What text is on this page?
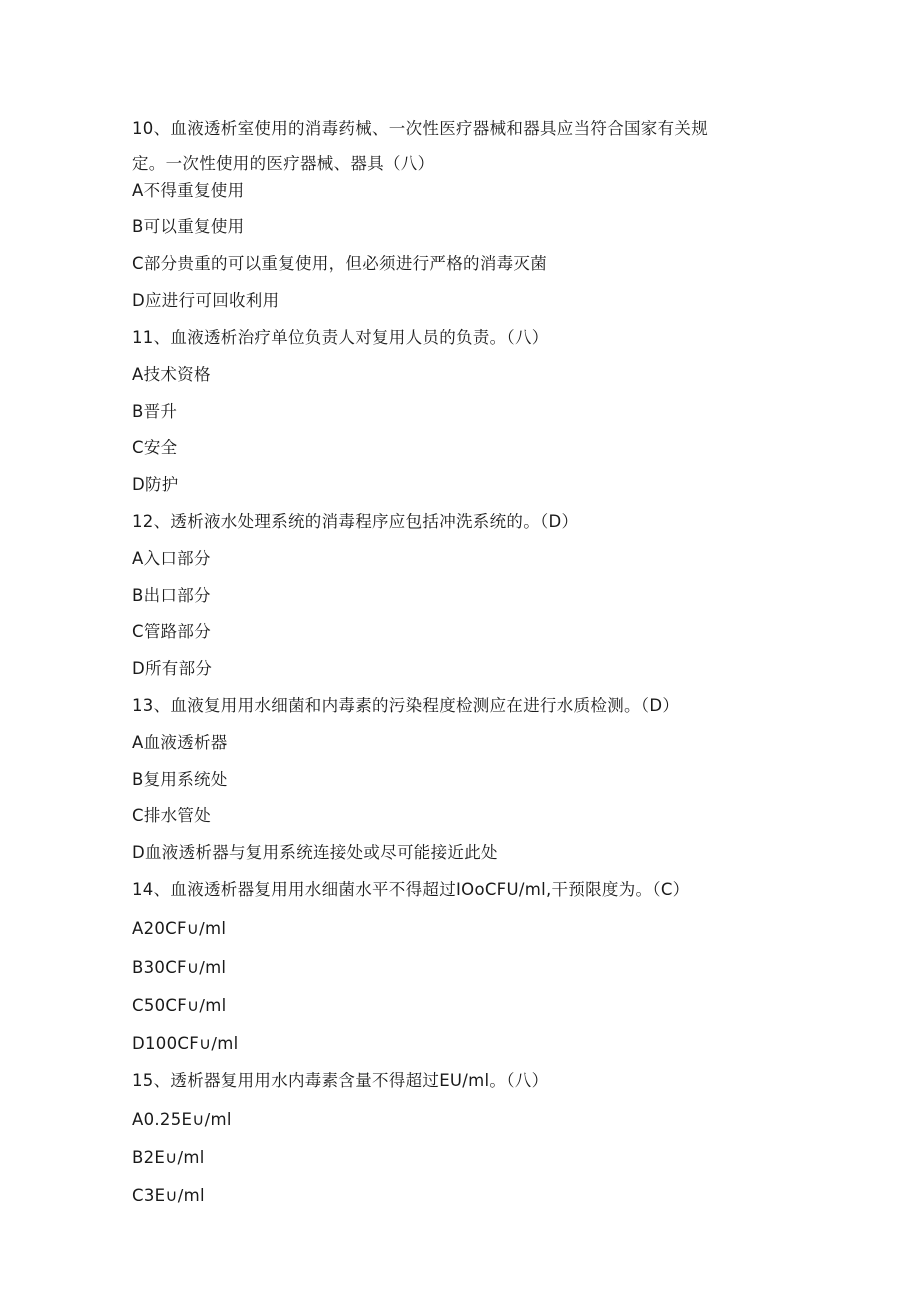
10、血液透析室使用的消毒药械、一次性医疗器械和器具应当符合国家有关规
定。一次性使用的医疗器械、器具（八）
A不得重复使用
B可以重复使用
C部分贵重的可以重复使用，但必须进行严格的消毒灭菌
D应进行可回收利用
11、血液透析治疗单位负责人对复用人员的负责。（八）
A技术资格
B晋升
C安全
D防护
12、透析液水处理系统的消毒程序应包括冲洗系统的。（D）
A入口部分
B出口部分
C管路部分
D所有部分
13、血液复用用水细菌和内毒素的污染程度检测应在进行水质检测。（D）
A血液透析器
B复用系统处
C排水管处
D血液透析器与复用系统连接处或尽可能接近此处
14、血液透析器复用用水细菌水平不得超过IOoCFU/ml,干预限度为。（C）
A20CF∪∕ml
B30CF∪∕ml
C50CF∪∕ml
D100CF∪∕ml
15、透析器复用用水内毒素含量不得超过EU/ml。（八）
A0.25E∪∕ml
B2E∪∕ml
C3E∪∕ml
